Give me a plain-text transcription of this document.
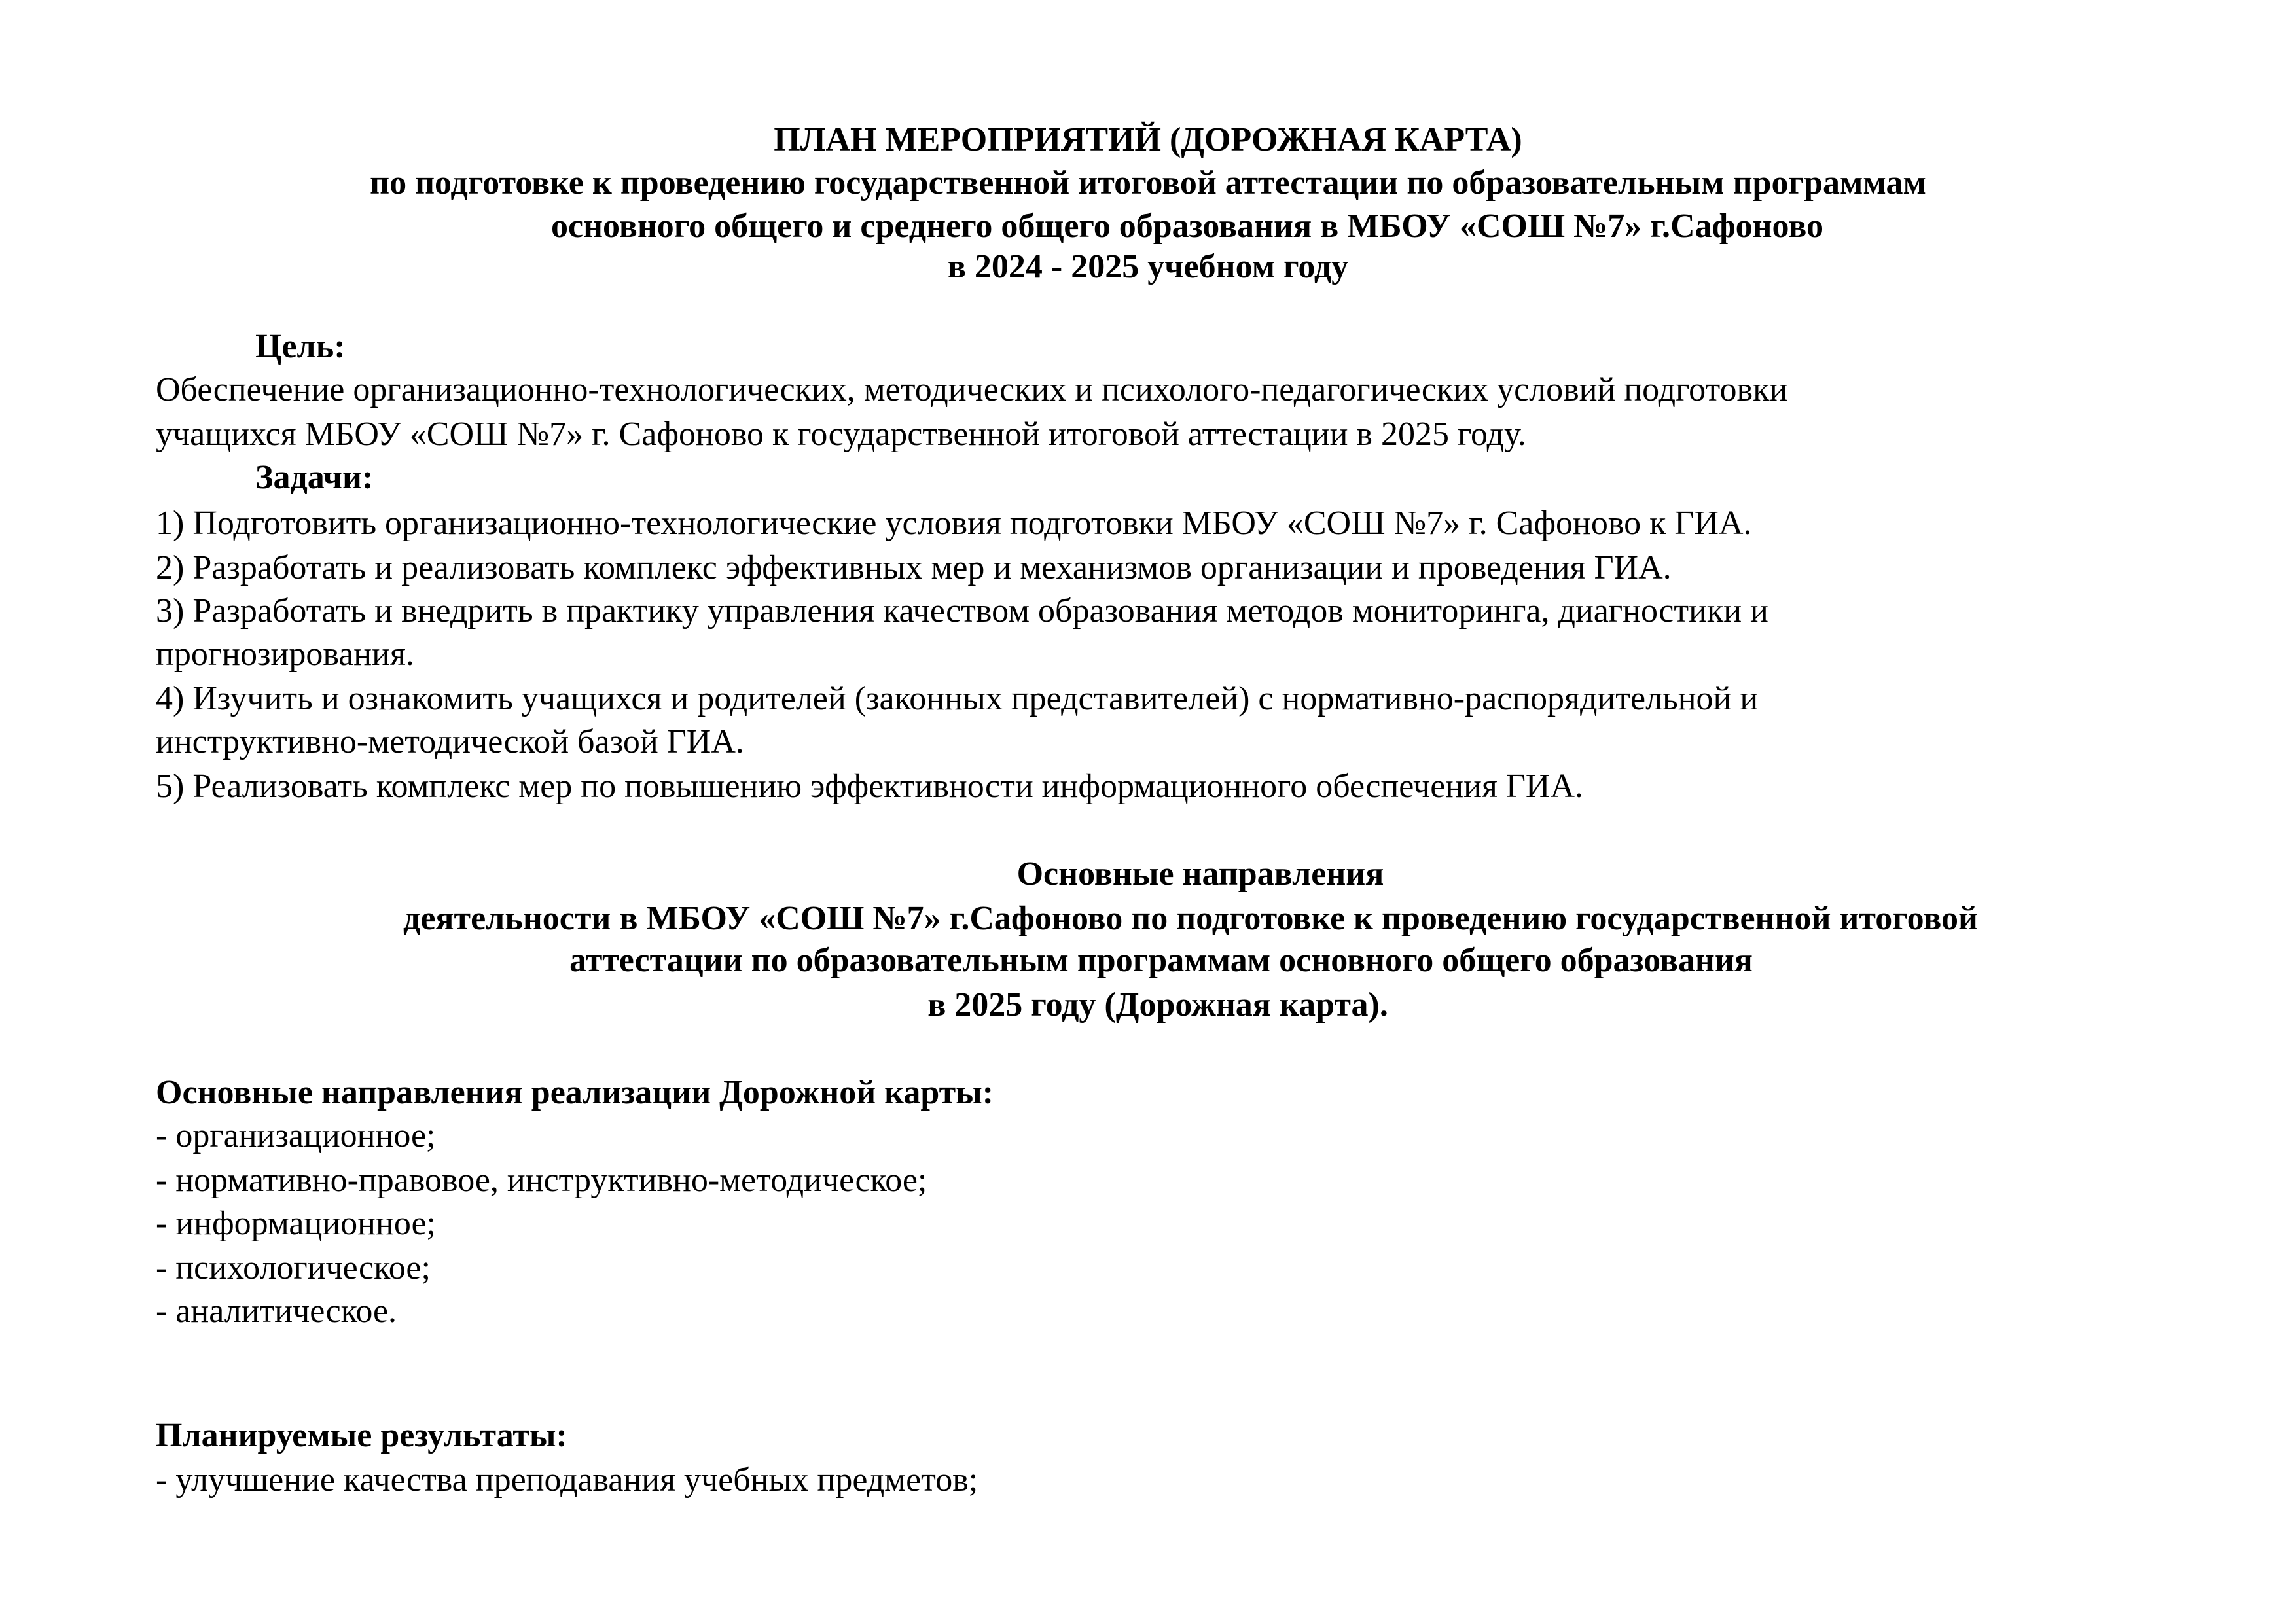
ПЛАН МЕРОПРИЯТИЙ (ДОРОЖНАЯ КАРТА)
по подготовке к проведению государственной итоговой аттестации по образовательным программам
основного общего и среднего общего образования в МБОУ «СОШ №7» г.Сафоново
в 2024 - 2025 учебном году
Цель:
Обеспечение организационно-технологических, методических и психолого-педагогических условий подготовки
учащихся МБОУ «СОШ №7» г. Сафоново к государственной итоговой аттестации в 2025 году.
Задачи:
1) Подготовить организационно-технологические условия подготовки МБОУ «СОШ №7» г. Сафоново к ГИА.
2) Разработать и реализовать комплекс эффективных мер и механизмов организации и проведения ГИА.
3) Разработать и внедрить в практику управления качеством образования методов мониторинга, диагностики и
прогнозирования.
4) Изучить и ознакомить учащихся и родителей (законных представителей) с нормативно-распорядительной и
инструктивно-методической базой ГИА.
5) Реализовать комплекс мер по повышению эффективности информационного обеспечения ГИА.
Основные направления
деятельности в МБОУ «СОШ №7» г.Сафоново по подготовке к проведению государственной итоговой
аттестации по образовательным программам основного общего образования
в 2025 году (Дорожная карта).
Основные направления реализации Дорожной карты:
- организационное;
- нормативно-правовое, инструктивно-методическое;
- информационное;
- психологическое;
- аналитическое.
Планируемые результаты:
- улучшение качества преподавания учебных предметов;
